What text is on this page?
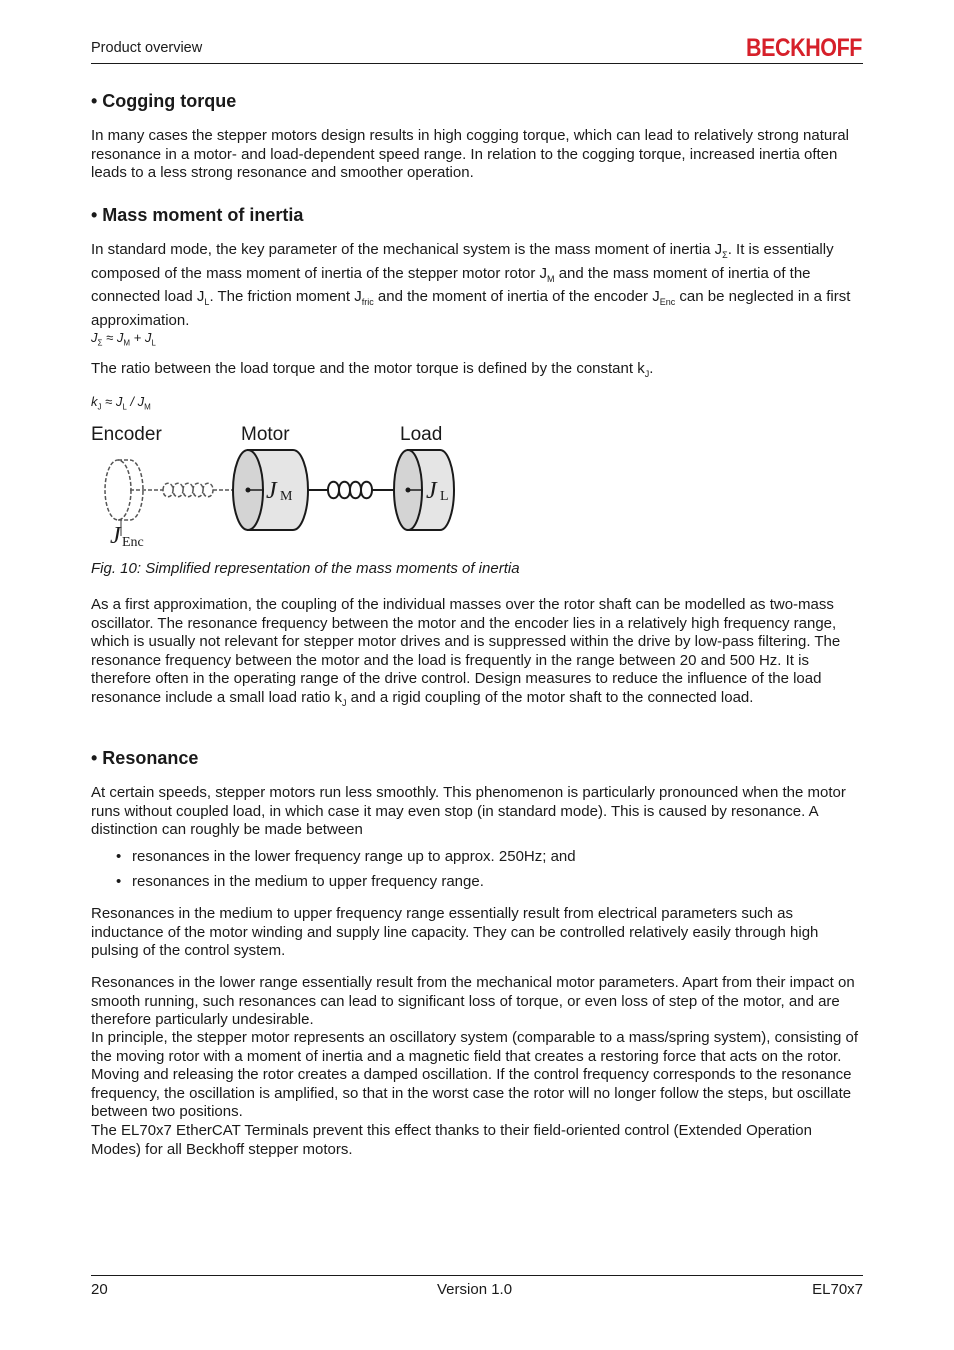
Product overview	BECKHOFF
• Cogging torque

In many cases the stepper motors design results in high cogging torque, which can lead to relatively strong natural resonance in a motor- and load-dependent speed range. In relation to the cogging torque, increased inertia often leads to a less strong resonance and smoother operation.

• Mass moment of inertia

In standard mode, the key parameter of the mechanical system is the mass moment of inertia $J_\Sigma$. It is essentially composed of the mass moment of inertia of the stepper motor rotor $J_M$ and the mass moment of inertia of the connected load $J_L$. The friction moment $J_{fric}$ and the moment of inertia of the encoder $J_{Enc}$ can be neglected in a first approximation.

$J_\Sigma \approx J_M + J_L$

The ratio between the load torque and the motor torque is defined by the constant $k_J$.

$k_J \approx J_L / J_M$
Encoder	Motor	Load
J M	J L
J Enc
Fig. 10: Simplified representation of the mass moments of inertia

As a first approximation, the coupling of the individual masses over the rotor shaft can be modelled as two-mass oscillator. The resonance frequency between the motor and the encoder lies in a relatively high frequency range, which is usually not relevant for stepper motor drives and is suppressed within the drive by low-pass filtering. The resonance frequency between the motor and the load is frequently in the range between 20 and 500 Hz. It is therefore often in the operating range of the drive control. Design measures to reduce the influence of the load resonance include a small load ratio $k_J$ and a rigid coupling of the motor shaft to the connected load.

• Resonance

At certain speeds, stepper motors run less smoothly. This phenomenon is particularly pronounced when the motor runs without coupled load, in which case it may even stop (in standard mode). This is caused by resonance. A distinction can roughly be made between

• resonances in the lower frequency range up to approx. 250Hz; and
• resonances in the medium to upper frequency range.

Resonances in the medium to upper frequency range essentially result from electrical parameters such as inductance of the motor winding and supply line capacity. They can be controlled relatively easily through high pulsing of the control system.

Resonances in the lower range essentially result from the mechanical motor parameters. Apart from their impact on smooth running, such resonances can lead to significant loss of torque, or even loss of step of the motor, and are therefore particularly undesirable.

In principle, the stepper motor represents an oscillatory system (comparable to a mass/spring system), consisting of the moving rotor with a moment of inertia and a magnetic field that creates a restoring force that acts on the rotor. Moving and releasing the rotor creates a damped oscillation. If the control frequency corresponds to the resonance frequency, the oscillation is amplified, so that in the worst case the rotor will no longer follow the steps, but oscillate between two positions.

The EL70x7 EtherCAT Terminals prevent this effect thanks to their field-oriented control (Extended Operation Modes) for all Beckhoff stepper motors.

20	Version 1.0	EL70x7
